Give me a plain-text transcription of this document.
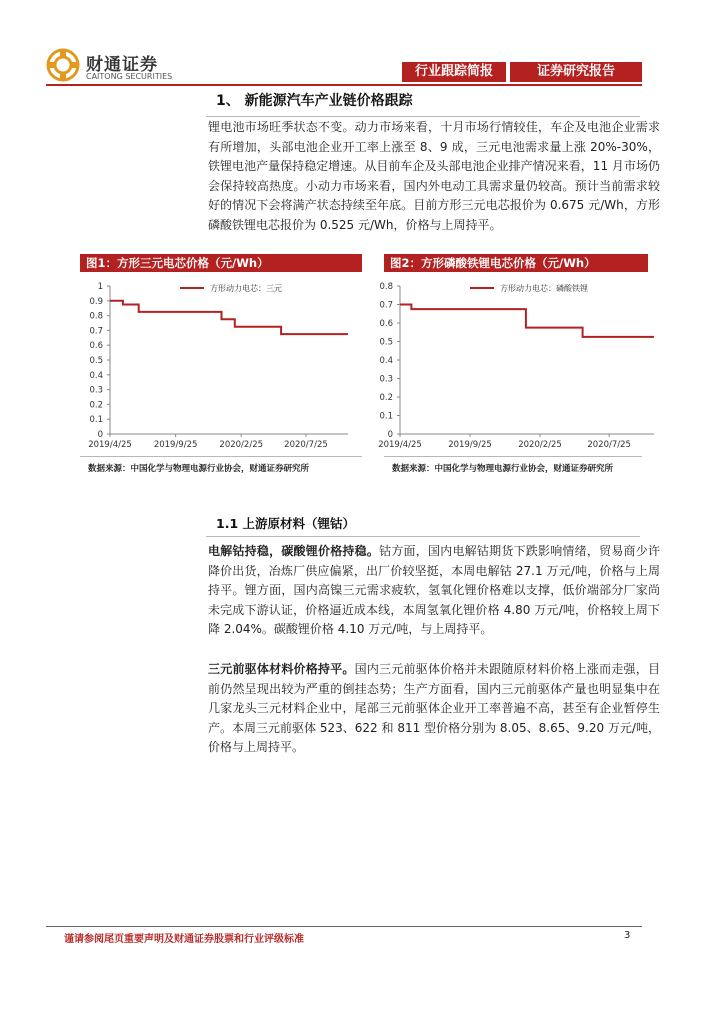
财通证券
CAITONG SECURITIES	行业跟踪简报	证券研究报告
1、 新能源汽车产业链价格跟踪
锂电池市场旺季状态不变。动力市场来看，十月市场行情较佳，车企及电池企业需求有所增加，头部电池企业开工率上涨至 8、9 成，三元电池需求量上涨 20%-30%，铁锂电池产量保持稳定增速。从目前车企及头部电池企业排产情况来看，11 月市场仍会保持较高热度。小动力市场来看，国内外电动工具需求量仍较高。预计当前需求较好的情况下会将满产状态持续至年底。目前方形三元电芯报价为 0.675 元/Wh，方形磷酸铁锂电芯报价为 0.525 元/Wh，价格与上周持平。
图1：方形三元电芯价格（元/Wh）
0
0.1
0.2
0.3
0.4
0.5
0.6
0.7
0.8
0.9
1
2019/4/25	2019/9/25	2020/2/25 2020/7/25
方形动力电芯：三元
数据来源：中国化学与物理电源行业协会，财通证券研究所
图2：方形磷酸铁锂电芯价格（元/Wh）
0
0.1
0.2
0.3
0.4
0.5
0.6
0.7
0.8
2019/4/25	2019/9/25	2020/2/25	2020/7/25
方形动力电芯：磷酸铁锂
数据来源：中国化学与物理电源行业协会，财通证券研究所
1.1 上游原材料（锂钴）
电解钴持稳，碳酸锂价格持稳。钴方面，国内电解钴期货下跌影响情绪，贸易商少许降价出货，冶炼厂供应偏紧，出厂价较坚挺，本周电解钴 27.1 万元/吨，价格与上周持平。锂方面，国内高镍三元需求疲软，氢氧化锂价格难以支撑，低价端部分厂家尚未完成下游认证，价格逼近成本线，本周氢氧化锂价格 4.80 万元/吨，价格较上周下降 2.04%。碳酸锂价格 4.10 万元/吨，与上周持平。
三元前驱体材料价格持平。国内三元前驱体价格并未跟随原材料价格上涨而走强，目前仍然呈现出较为严重的倒挂态势；生产方面看，国内三元前驱体产量也明显集中在几家龙头三元材料企业中，尾部三元前驱体企业开工率普遍不高，甚至有企业暂停生产。本周三元前驱体 523、622 和 811 型价格分别为 8.05、8.65、9.20 万元/吨，价格与上周持平。
谨请参阅尾页重要声明及财通证券股票和行业评级标准	3
